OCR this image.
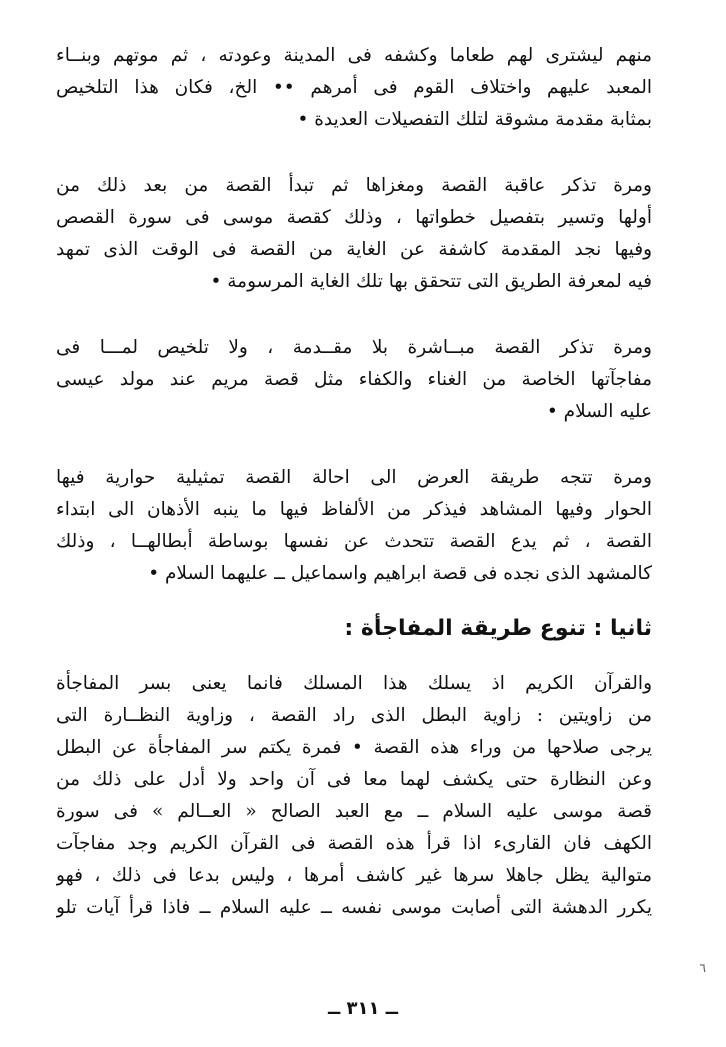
منهم ليشترى لهم طعاما وكشفه فى المدينة وعودته ، ثم موتهم وبنــاء
المعبد عليهم واختلاف القوم فى أمرهم •• الخ، فكان هذا التلخيص
بمثابة مقدمة مشوقة لتلك التفصيلات العديدة •
ومرة تذكر عاقبة القصة ومغزاها ثم تبدأ القصة من بعد ذلك من
أولها وتسير بتفصيل خطواتها ، وذلك كقصة موسى فى سورة القصص
وفيها نجد المقدمة كاشفة عن الغاية من القصة فى الوقت الذى تمهد
فيه لمعرفة الطريق التى تتحقق بها تلك الغاية المرسومة •
ومرة تذكر القصة مبــاشرة بلا مقــدمة ، ولا تلخيص لمـــا فى
مفاجآتها الخاصة من الغناء والكفاء مثل قصة مريم عند مولد عيسى
عليه السلام •
ومرة تتجه طريقة العرض الى احالة القصة تمثيلية حوارية فيها
الحوار وفيها المشاهد فيذكر من الألفاظ فيها ما ينبه الأذهان الى ابتداء
القصة ، ثم يدع القصة تتحدث عن نفسها بوساطة أبطالهــا ، وذلك
كالمشهد الذى نجده فى قصة ابراهيم واسماعيل ــ عليهما السلام •
ثانيا : تنوع طريقة المفاجأة :
والقرآن الكريم اذ يسلك هذا المسلك فانما يعنى بسر المفاجأة
من زاويتين : زاوية البطل الذى راد القصة ، وزاوية النظــارة التى
يرجى صلاحها من وراء هذه القصة • فمرة يكتم سر المفاجأة عن البطل
وعن النظارة حتى يكشف لهما معا فى آن واحد ولا أدل على ذلك من
قصة موسى عليه السلام ــ مع العبد الصالح « العــالم » فى سورة
الكهف فان القارىء اذا قرأ هذه القصة فى القرآن الكريم وجد مفاجآت
متوالية يظل جاهلا سرها غير كاشف أمرها ، وليس بدعا فى ذلك ، فهو
يكرر الدهشة التى أصابت موسى نفسه ــ عليه السلام ــ فاذا قرأ آيات تلو
ــ ٣١١ ــ
٦
